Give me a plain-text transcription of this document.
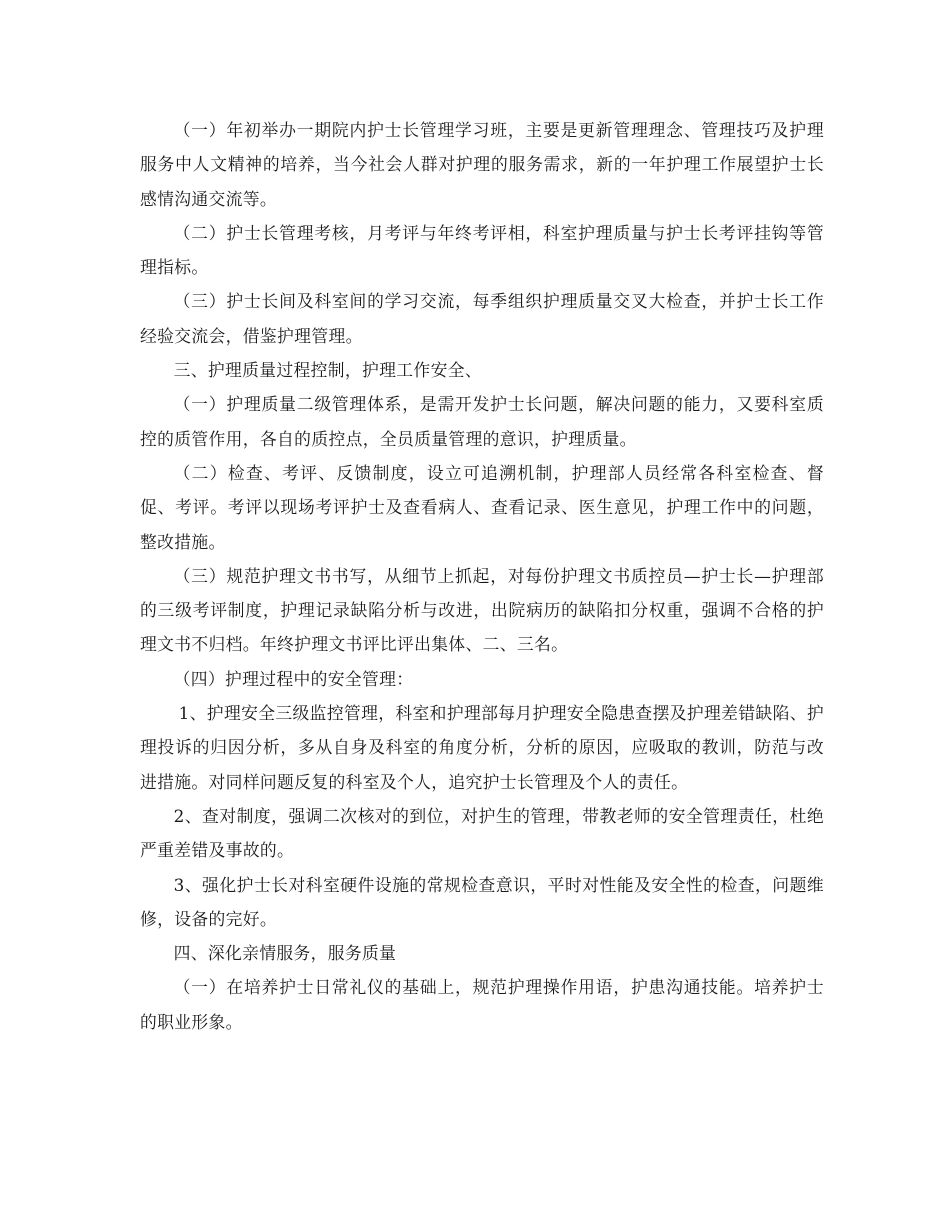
（一）年初举办一期院内护士长管理学习班，主要是更新管理理念、管理技巧及护理服务中人文精神的培养，当今社会人群对护理的服务需求，新的一年护理工作展望护士长感情沟通交流等。

（二）护士长管理考核，月考评与年终考评相，科室护理质量与护士长考评挂钩等管理指标。

（三）护士长间及科室间的学习交流，每季组织护理质量交叉大检查，并护士长工作经验交流会，借鉴护理管理。

三、护理质量过程控制，护理工作安全、

（一）护理质量二级管理体系，是需开发护士长问题，解决问题的能力，又要科室质控的质管作用，各自的质控点，全员质量管理的意识，护理质量。

（二）检查、考评、反馈制度，设立可追溯机制，护理部人员经常各科室检查、督促、考评。考评以现场考评护士及查看病人、查看记录、医生意见，护理工作中的问题，整改措施。

（三）规范护理文书书写，从细节上抓起，对每份护理文书质控员—护士长—护理部的三级考评制度，护理记录缺陷分析与改进，出院病历的缺陷扣分权重，强调不合格的护理文书不归档。年终护理文书评比评出集体、二、三名。

（四）护理过程中的安全管理：

1、护理安全三级监控管理，科室和护理部每月护理安全隐患查摆及护理差错缺陷、护理投诉的归因分析，多从自身及科室的角度分析，分析的原因，应吸取的教训，防范与改进措施。对同样问题反复的科室及个人，追究护士长管理及个人的责任。

2、查对制度，强调二次核对的到位，对护生的管理，带教老师的安全管理责任，杜绝严重差错及事故的。

3、强化护士长对科室硬件设施的常规检查意识，平时对性能及安全性的检查，问题维修，设备的完好。

四、深化亲情服务，服务质量

（一）在培养护士日常礼仪的基础上，规范护理操作用语，护患沟通技能。培养护士的职业形象。
